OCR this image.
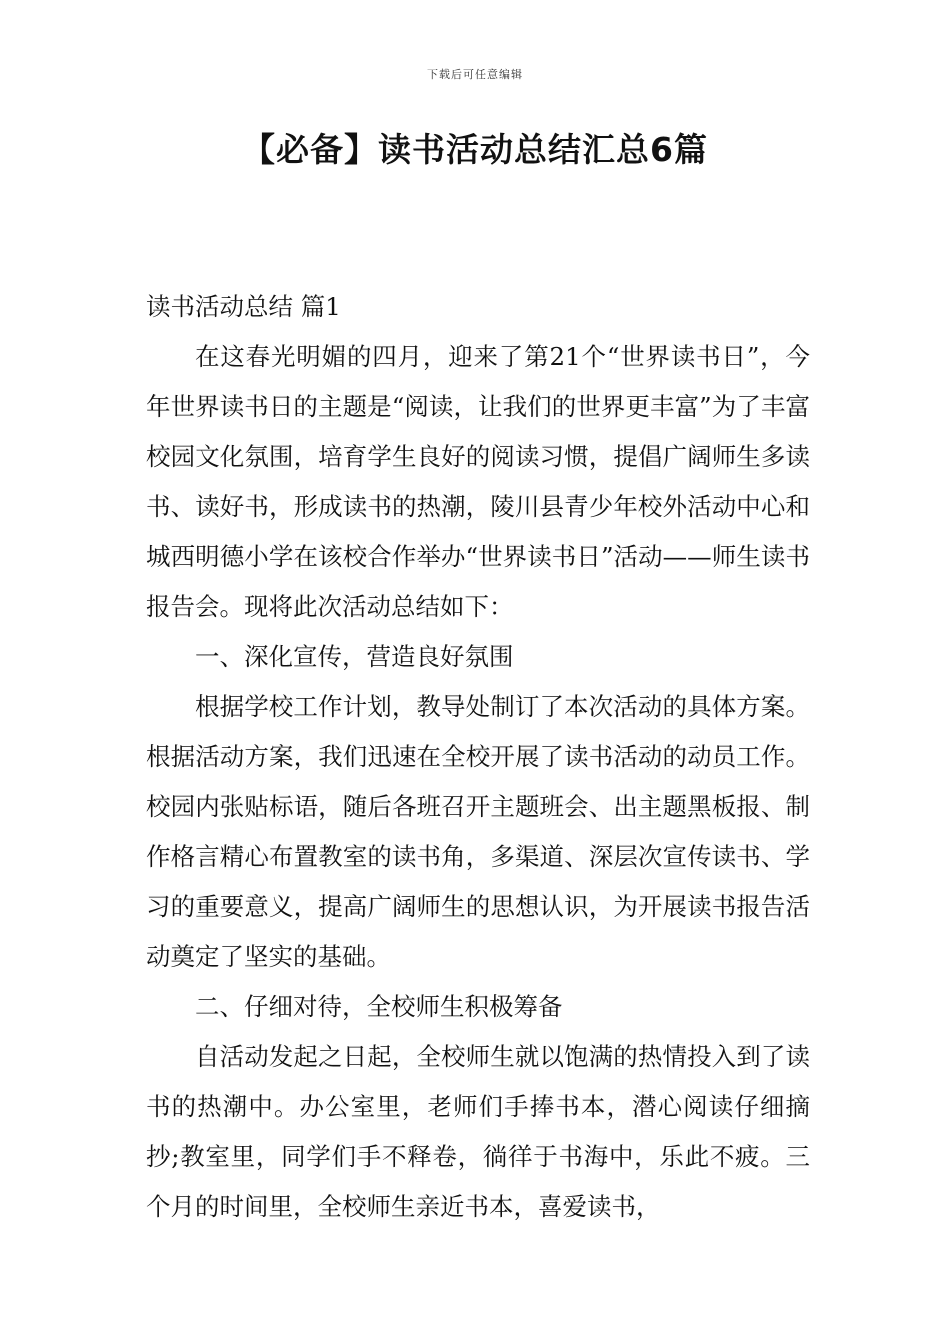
下载后可任意编辑
【必备】读书活动总结汇总6篇

读书活动总结 篇1

在这春光明媚的四月，迎来了第21个“世界读书日”，今年世界读书日的主题是“阅读，让我们的世界更丰富”为了丰富校园文化氛围，培育学生良好的阅读习惯，提倡广阔师生多读书、读好书，形成读书的热潮，陵川县青少年校外活动中心和城西明德小学在该校合作举办“世界读书日”活动——师生读书报告会。现将此次活动总结如下：

一、深化宣传，营造良好氛围

根据学校工作计划，教导处制订了本次活动的具体方案。根据活动方案，我们迅速在全校开展了读书活动的动员工作。校园内张贴标语，随后各班召开主题班会、出主题黑板报、制作格言精心布置教室的读书角，多渠道、深层次宣传读书、学习的重要意义，提高广阔师生的思想认识，为开展读书报告活动奠定了坚实的基础。

二、仔细对待，全校师生积极筹备

自活动发起之日起，全校师生就以饱满的热情投入到了读书的热潮中。办公室里，老师们手捧书本，潜心阅读仔细摘抄;教室里，同学们手不释卷，徜徉于书海中，乐此不疲。三个月的时间里，全校师生亲近书本，喜爱读书，
